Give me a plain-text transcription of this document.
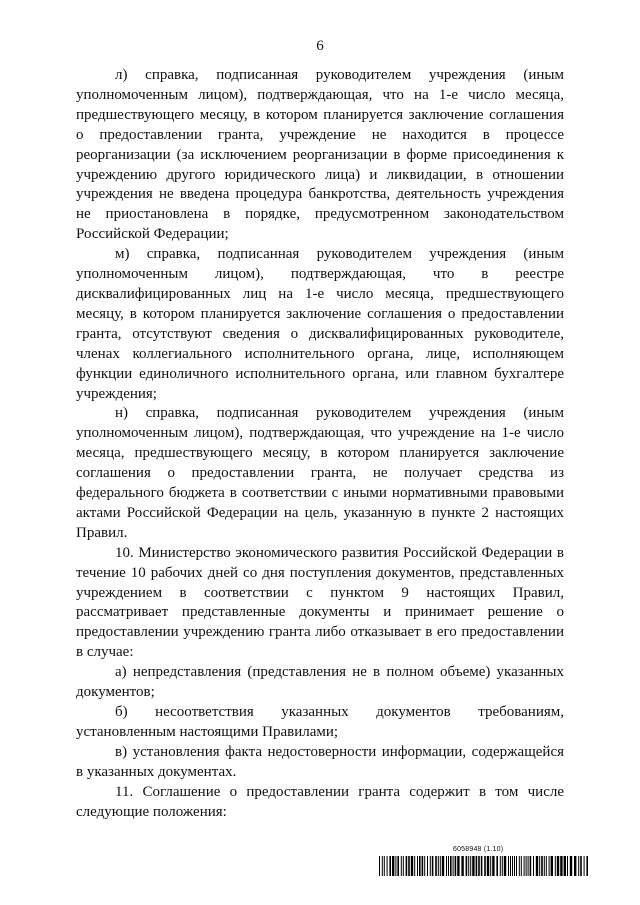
6

л) справка, подписанная руководителем учреждения (иным уполномоченным лицом), подтверждающая, что на 1-е число месяца, предшествующего месяцу, в котором планируется заключение соглашения о предоставлении гранта, учреждение не находится в процессе реорганизации (за исключением реорганизации в форме присоединения к учреждению другого юридического лица) и ликвидации, в отношении учреждения не введена процедура банкротства, деятельность учреждения не приостановлена в порядке, предусмотренном законодательством Российской Федерации;

м) справка, подписанная руководителем учреждения (иным уполномоченным лицом), подтверждающая, что в реестре дисквалифицированных лиц на 1-е число месяца, предшествующего месяцу, в котором планируется заключение соглашения о предоставлении гранта, отсутствуют сведения о дисквалифицированных руководителе, членах коллегиального исполнительного органа, лице, исполняющем функции единоличного исполнительного органа, или главном бухгалтере учреждения;

н) справка, подписанная руководителем учреждения (иным уполномоченным лицом), подтверждающая, что учреждение на 1-е число месяца, предшествующего месяцу, в котором планируется заключение соглашения о предоставлении гранта, не получает средства из федерального бюджета в соответствии с иными нормативными правовыми актами Российской Федерации на цель, указанную в пункте 2 настоящих Правил.

10. Министерство экономического развития Российской Федерации в течение 10 рабочих дней со дня поступления документов, представленных учреждением в соответствии с пунктом 9 настоящих Правил, рассматривает представленные документы и принимает решение о предоставлении учреждению гранта либо отказывает в его предоставлении в случае:

а) непредставления (представления не в полном объеме) указанных документов;

б) несоответствия указанных документов требованиям, установленным настоящими Правилами;

в) установления факта недостоверности информации, содержащейся в указанных документах.

11. Соглашение о предоставлении гранта содержит в том числе следующие положения:

6058948 (1.10)
